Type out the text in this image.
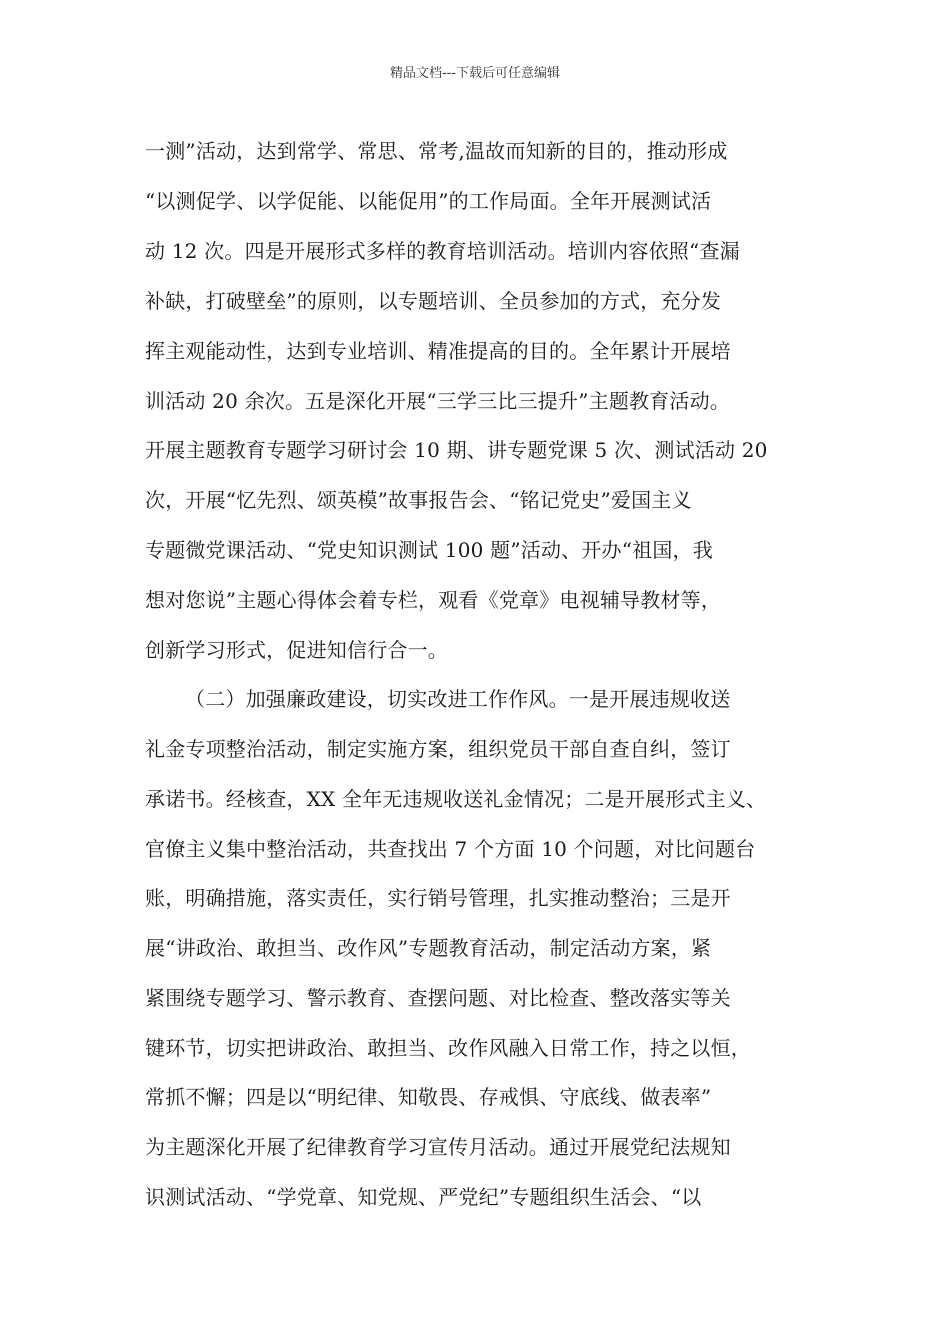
精品文档---下载后可任意编辑
一测”活动，达到常学、常思、常考,温故而知新的目的，推动形成
“以测促学、以学促能、以能促用”的工作局面。全年开展测试活
动 12 次。四是开展形式多样的教育培训活动。培训内容依照“查漏
补缺，打破壁垒”的原则，以专题培训、全员参加的方式，充分发
挥主观能动性，达到专业培训、精准提高的目的。全年累计开展培
训活动 20 余次。五是深化开展“三学三比三提升”主题教育活动。
开展主题教育专题学习研讨会 10 期、讲专题党课 5 次、测试活动 20
次，开展“忆先烈、颂英模”故事报告会、“铭记党史”爱国主义
专题微党课活动、“党史知识测试 100 题”活动、开办“祖国，我
想对您说”主题心得体会着专栏，观看《党章》电视辅导教材等，
创新学习形式，促进知信行合一。
（二）加强廉政建设，切实改进工作作风。一是开展违规收送
礼金专项整治活动，制定实施方案，组织党员干部自查自纠，签订
承诺书。经核查，XX 全年无违规收送礼金情况；二是开展形式主义、
官僚主义集中整治活动，共查找出 7 个方面 10 个问题，对比问题台
账，明确措施，落实责任，实行销号管理，扎实推动整治；三是开
展“讲政治、敢担当、改作风”专题教育活动，制定活动方案，紧
紧围绕专题学习、警示教育、查摆问题、对比检查、整改落实等关
键环节，切实把讲政治、敢担当、改作风融入日常工作，持之以恒，
常抓不懈；四是以“明纪律、知敬畏、存戒惧、守底线、做表率”
为主题深化开展了纪律教育学习宣传月活动。通过开展党纪法规知
识测试活动、“学党章、知党规、严党纪”专题组织生活会、“以
